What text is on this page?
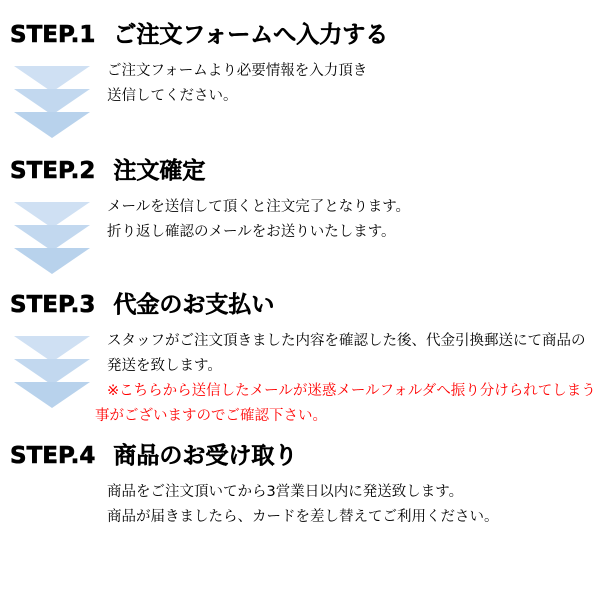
STEP.1 ご注文フォームへ入力する
ご注文フォームより必要情報を入力頂き
送信してください。
STEP.2 注文確定
メールを送信して頂くと注文完了となります。
折り返し確認のメールをお送りいたします。
STEP.3 代金のお支払い
スタッフがご注文頂きました内容を確認した後、代金引換郵送にて商品の
発送を致します。
※こちらから送信したメールが迷惑メールフォルダへ振り分けられてしまう
事がございますのでご確認下さい。
STEP.4 商品のお受け取り
商品をご注文頂いてから3営業日以内に発送致します。
商品が届きましたら、カードを差し替えてご利用ください。
